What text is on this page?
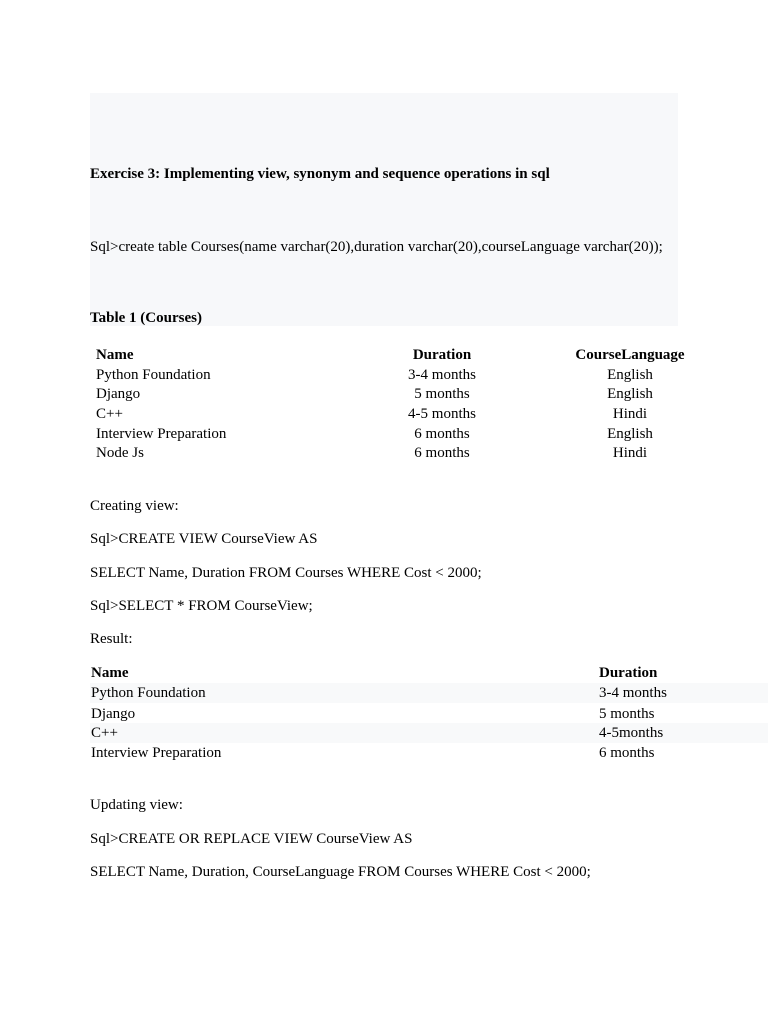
Exercise 3: Implementing view, synonym and sequence operations in sql
Sql>create table Courses(name varchar(20),duration varchar(20),courseLanguage varchar(20));
Table 1 (Courses)
Name	Duration	CourseLanguage
Python Foundation	3-4 months	English
Django	5 months	English
C++	4-5 months	Hindi
Interview Preparation	6 months	English
Node Js	6 months	Hindi
Creating view:
Sql>CREATE VIEW CourseView AS
SELECT Name, Duration FROM Courses WHERE Cost < 2000;
Sql>SELECT * FROM CourseView;
Result:
Name	Duration
Python Foundation	3-4 months
Django	5 months
C++	4-5months
Interview Preparation	6 months
Updating view:
Sql>CREATE OR REPLACE VIEW CourseView AS
SELECT Name, Duration, CourseLanguage FROM Courses WHERE Cost < 2000;
